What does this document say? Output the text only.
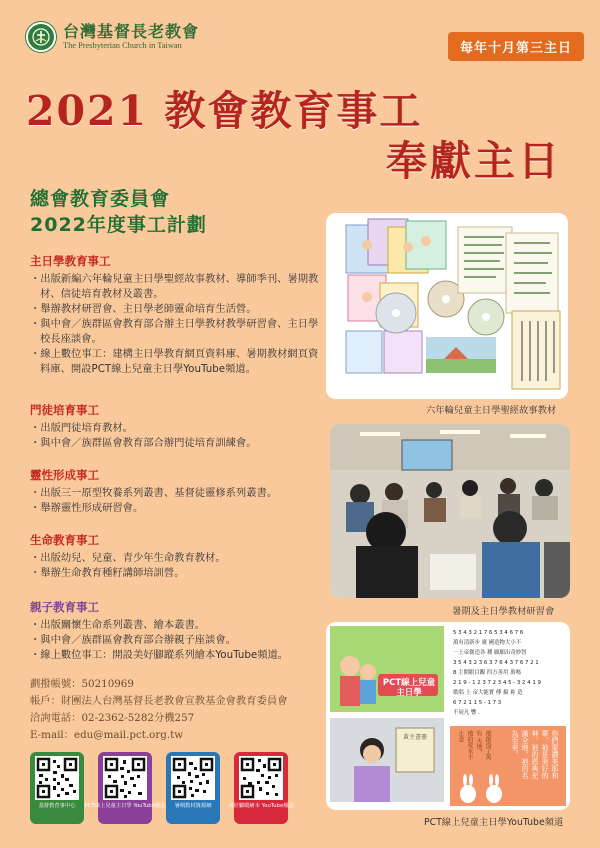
台灣基督長老教會
The Presbyterian Church in Taiwan	每年十月第三主日
2021 教會教育事工
奉獻主日
總會教育委員會
2022年度事工計劃
主日學教育事工
・出版新編六年輪兒童主日學聖經故事教材、導師季刊、暑期教材、信徒培育教材及叢書。
・舉辦教材研習會、主日學老師靈命培育生活營。
・與中會／族群區會教育部合辦主日學教材教學研習會、主日學校長座談會。
・線上數位事工：建構主日學教育網頁資料庫、暑期教材網頁資料庫、開設PCT線上兒童主日學YouTube頻道。
門徒培育事工
・出版門徒培育教材。
・與中會／族群區會教育部合辦門徒培育訓練會。
靈性形成事工
・出版三一原型牧養系列叢書、基督徒靈修系列叢書。
・舉辦靈性形成研習會。
生命教育事工
・出版幼兒、兒童、青少年生命教育教材。
・舉辦生命教育種籽講師培訓營。
親子教育事工
・出版關懷生命系列叢書、繪本叢書。
・與中會／族群區會教育部合辦親子座談會。
・線上數位事工：開設美好腳蹤系列繪本YouTube頻道。
劃撥帳號：50210969
帳戶：財團法人台灣基督長老教會宣教基金會教育委員會
洽詢電話：02-2362-5282分機257
E-mail：edu@mail.pct.org.tw
基督教育事中心 PCT線上兒童主日學 YouTube頻道 暑期教材資源網	美好腳蹤繪本 YouTube頻道
六年輪兒童主日學聖經故事教材
暑期及主日學教材研習會
PCT線上兒童主日學
5 3 4 3 2 1 7 6 5 3 4 6 7 6
萬有清新步 廣 國造物大小不
一上帝創造各 種 願願出奇妙智
3 5 4 3 2 3 6 3 7 6 4 3 7 6 7 2 1
8 主開眼目觀 四方善用 萬嗎
2 1 9 - 1 2 3 7 2 3 4 5 - 3 2 4 1 9
歌唱 上 帝大能實 傳 揚 祢 造
6 7 2 1 1 5 - 1 7 3
不同凡 響 .
黃主書冊	你們要讚美耶和華，祂是美好的神，祂的恩典充滿全地，祂的名為至美。
祂創造了萬有 天地，祂的愛永不止息
PCT線上兒童主日學YouTube頻道
